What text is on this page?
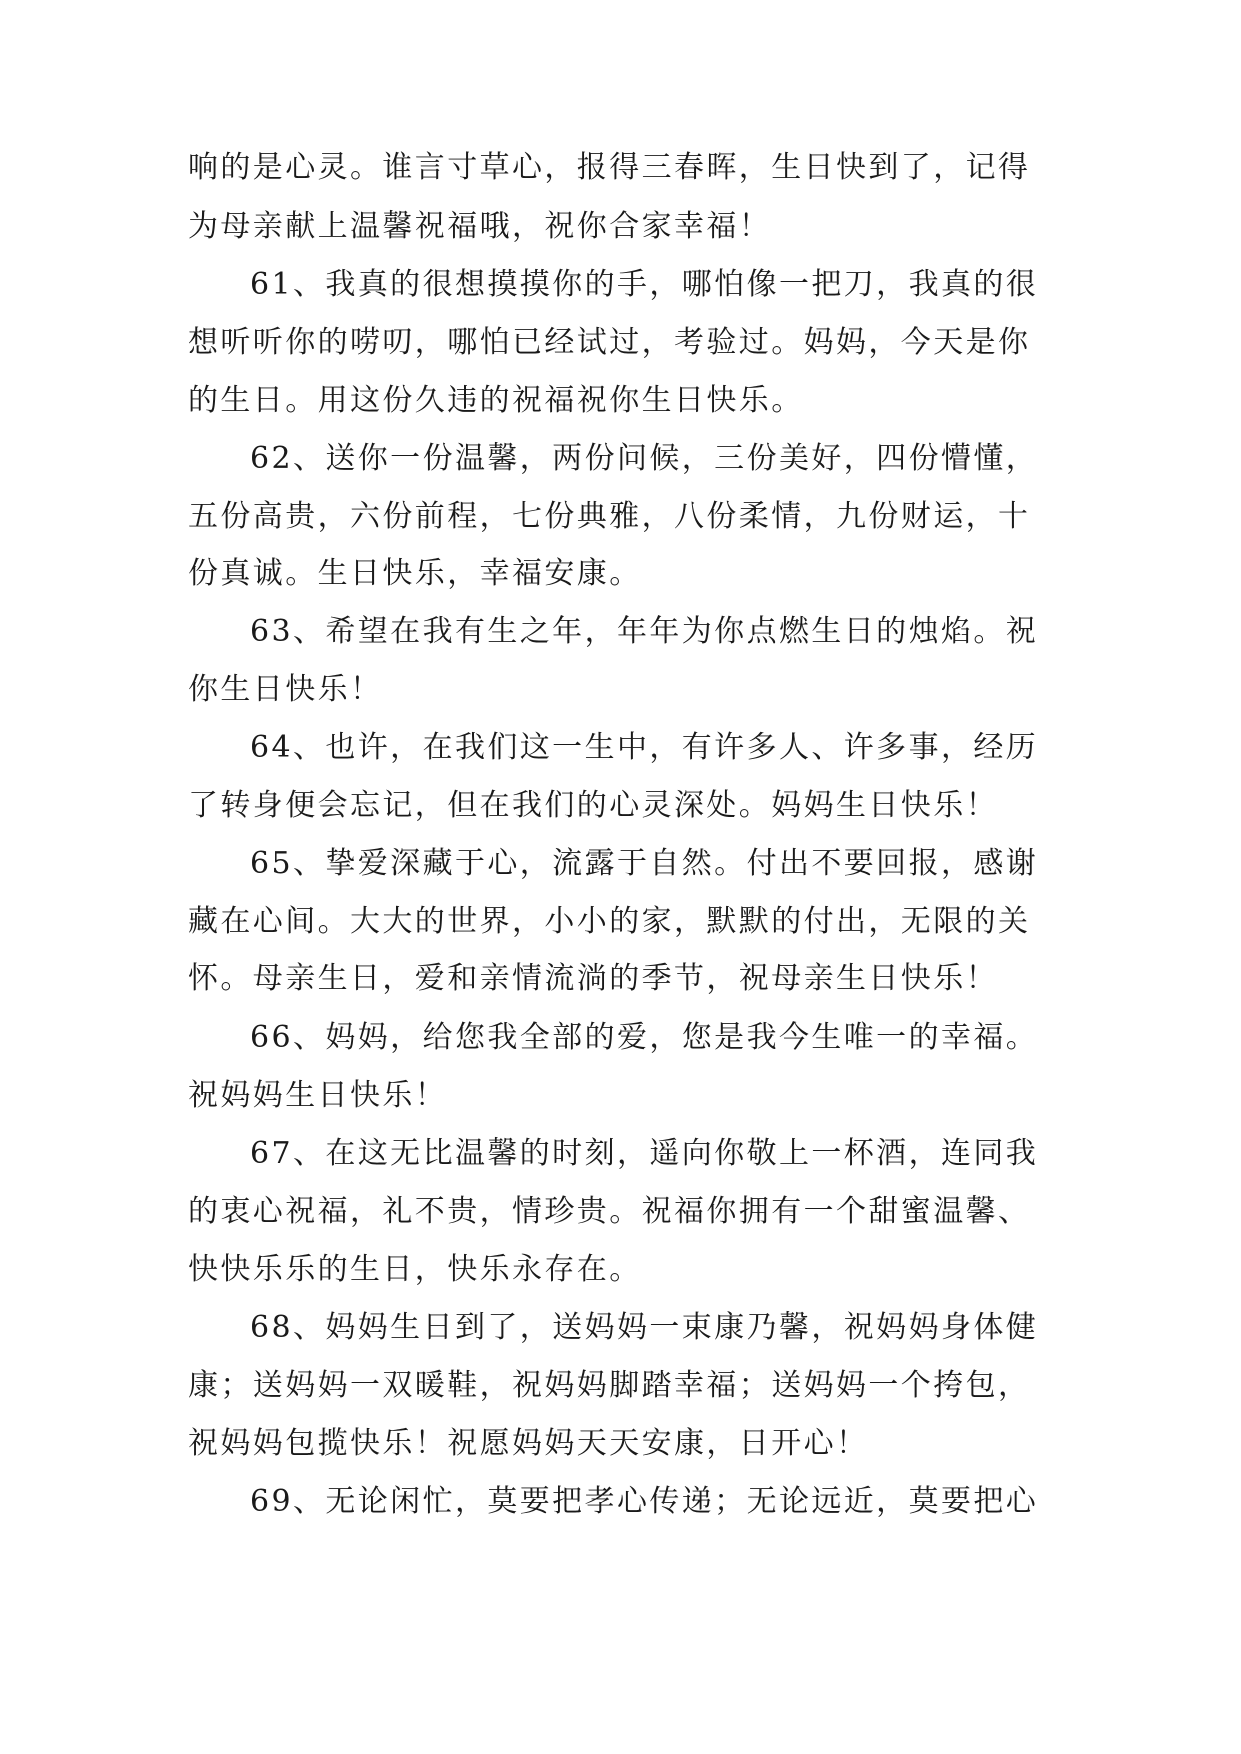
响的是心灵。谁言寸草心，报得三春晖，生日快到了，记得
为母亲献上温馨祝福哦，祝你合家幸福！
61、我真的很想摸摸你的手，哪怕像一把刀，我真的很
想听听你的唠叨，哪怕已经试过，考验过。妈妈，今天是你
的生日。用这份久违的祝福祝你生日快乐。
62、送你一份温馨，两份问候，三份美好，四份懵懂，
五份高贵，六份前程，七份典雅，八份柔情，九份财运，十
份真诚。生日快乐，幸福安康。
63、希望在我有生之年，年年为你点燃生日的烛焰。祝
你生日快乐！
64、也许，在我们这一生中，有许多人、许多事，经历
了转身便会忘记，但在我们的心灵深处。妈妈生日快乐！
65、挚爱深藏于心，流露于自然。付出不要回报，感谢
藏在心间。大大的世界，小小的家，默默的付出，无限的关
怀。母亲生日，爱和亲情流淌的季节，祝母亲生日快乐！
66、妈妈，给您我全部的爱，您是我今生唯一的幸福。
祝妈妈生日快乐！
67、在这无比温馨的时刻，遥向你敬上一杯酒，连同我
的衷心祝福，礼不贵，情珍贵。祝福你拥有一个甜蜜温馨、
快快乐乐的生日，快乐永存在。
68、妈妈生日到了，送妈妈一束康乃馨，祝妈妈身体健
康；送妈妈一双暖鞋，祝妈妈脚踏幸福；送妈妈一个挎包，
祝妈妈包揽快乐！祝愿妈妈天天安康，日开心！
69、无论闲忙，莫要把孝心传递；无论远近，莫要把心
